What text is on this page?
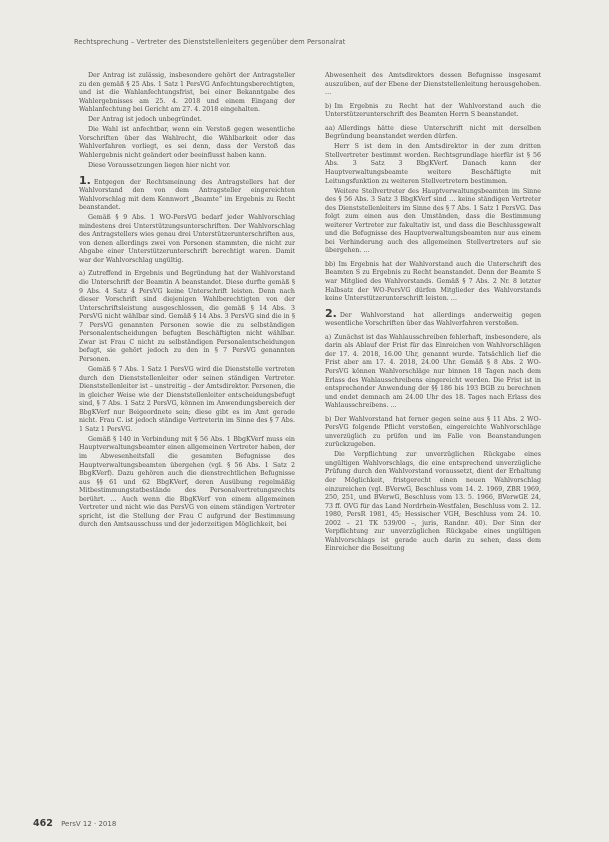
Rechtsprechung – Vertreter des Dienststellenleiters gegenüber dem Personalrat

Der Antrag ist zulässig, insbesondere gehört der Antragsteller zu den gemäß § 25 Abs. 1 Satz 1 PersVG Anfechtungsberechtigten, und ist die Wahlanfechtungsfrist, bei einer Bekanntgabe des Wahlergebnisses am 25. 4. 2018 und einem Eingang der Wahlanfechtung bei Gericht am 27. 4. 2018 eingehalten.

Der Antrag ist jedoch unbegründet.

Die Wahl ist anfechtbar, wenn ein Verstoß gegen wesentliche Vorschriften über das Wahlrecht, die Wählbarkeit oder das Wahlverfahren vorliegt, es sei denn, dass der Verstoß das Wahlergebnis nicht geändert oder beeinflusst haben kann.

Diese Voraussetzungen liegen hier nicht vor.

1. Entgegen der Rechtsmeinung des Antragstellers hat der Wahlvorstand den von dem Antragsteller eingereichten Wahlvorschlag mit dem Kennwort „Beamte“ im Ergebnis zu Recht beanstandet.

Gemäß § 9 Abs. 1 WO-PersVG bedarf jeder Wahlvorschlag mindestens drei Unterstützungsunterschriften. Der Wahlvorschlag des Antragstellers wies genau drei Unterstützerunterschriften aus, von denen allerdings zwei von Personen stammten, die nicht zur Abgabe einer Unterstützerunterschrift berechtigt waren. Damit war der Wahlvorschlag ungültig.

a) Zutreffend in Ergebnis und Begründung hat der Wahlvorstand die Unterschrift der Beamtin A beanstandet. Diese durfte gemäß § 9 Abs. 4 Satz 4 PersVG keine Unterschrift leisten. Denn nach dieser Vorschrift sind diejenigen Wahlberechtigten von der Unterschriftsleistung ausgeschlossen, die gemäß § 14 Abs. 3 PersVG nicht wählbar sind. Gemäß § 14 Abs. 3 PersVG sind die in § 7 PersVG genannten Personen sowie die zu selbständigen Personalentscheidungen befugten Beschäftigten nicht wählbar. Zwar ist Frau C nicht zu selbständigen Personalentscheidungen befugt, sie gehört jedoch zu den in § 7 PersVG genannten Personen.

Gemäß § 7 Abs. 1 Satz 1 PersVG wird die Dienststelle vertreten durch den Dienststellenleiter oder seinen ständigen Vertreter. Dienststellenleiter ist – unstreitig – der Amtsdirektor. Personen, die in gleicher Weise wie der Dienststellenleiter entscheidungsbefugt sind, § 7 Abs. 1 Satz 2 PersVG, können im Anwendungsbereich der BbgKVerf nur Beigeordnete sein; diese gibt es im Amt gerade nicht. Frau C. ist jedoch ständige Vertreterin im Sinne des § 7 Abs. 1 Satz 1 PersVG.

Gemäß § 140 in Verbindung mit § 56 Abs. 1 BbgKVerf muss ein Hauptverwaltungsbeamter einen allgemeinen Vertreter haben, der im Abwesenheitsfall die gesamten Befugnisse des Hauptverwaltungsbeamten übergehen (vgl. § 56 Abs. 1 Satz 2 BbgKVerf). Dazu gehören auch die dienstrechtlichen Befugnisse aus §§ 61 und 62 BbgKVerf, deren Ausübung regelmäßig Mitbestimmungstatbestände des Personalvertretungsrechts berührt. … Auch wenn die BbgKVerf von einem allgemeinen Vertreter und nicht wie das PersVG von einem ständigen Vertreter spricht, ist die Stellung der Frau C aufgrund der Bestimmung durch den Amtsausschuss und der jederzeitigen Möglichkeit, bei

Abwesenheit des Amtsdirektors dessen Befugnisse insgesamt auszuüben, auf der Ebene der Dienststellenleitung herausgehoben. …

b) Im Ergebnis zu Recht hat der Wahlvorstand auch die Unterstützerunterschrift des Beamten Herrn S beanstandet.

aa) Allerdings hätte diese Unterschrift nicht mit derselben Begründung beanstandet werden dürfen.

Herr S ist dem in den Amtsdirektor in der zum dritten Stellvertreter bestimmt worden. Rechtsgrundlage hierfür ist § 56 Abs. 3 Satz 3 BbgKVerf. Danach kann der Hauptverwaltungsbeamte weitere Beschäftigte mit Leitungsfunktion zu weiteren Stellvertretern bestimmen.

Weitere Stellvertreter des Hauptverwaltungsbeamten im Sinne des § 56 Abs. 3 Satz 3 BbgKVerf sind … keine ständigen Vertreter des Dienststellenleiters im Sinne des § 7 Abs. 1 Satz 1 PersVG. Das folgt zum einen aus den Umständen, dass die Bestimmung weiterer Vertreter zur fakultativ ist, und dass die Beschlussgewalt und die Befugnisse des Hauptverwaltungsbeamten nur aus einem bei Verhinderung auch des allgemeinen Stellvertreters auf sie übergehen. …

bb) Im Ergebnis hat der Wahlvorstand auch die Unterschrift des Beamten S zu Ergebnis zu Recht beanstandet. Denn der Beamte S war Mitglied des Wahlvorstands. Gemäß § 7 Abs. 2 Nr. 8 letzter Halbsatz der WO-PersVG dürfen Mitglieder des Wahlvorstands keine Unterstützerunterschrift leisten. …

2. Der Wahlvorstand hat allerdings anderweitig gegen wesentliche Vorschriften über das Wahlverfahren verstoßen.

a) Zunächst ist das Wahlausschreiben fehlerhaft, insbesondere, als darin als Ablauf der Frist für das Einreichen von Wahlvorschlägen der 17. 4. 2018, 16.00 Uhr, genannt wurde. Tatsächlich lief die Frist aber am 17. 4. 2018, 24.00 Uhr. Gemäß § 8 Abs. 2 WO-PersVG können Wahlvorschläge nur binnen 18 Tagen nach dem Erlass des Wahlausschreibens eingereicht werden. Die Frist ist in entsprechender Anwendung der §§ 186 bis 193 BGB zu berechnen und endet demnach am 24.00 Uhr des 18. Tages nach Erlass des Wahlausschreibens. …

b) Der Wahlvorstand hat ferner gegen seine aus § 11 Abs. 2 WO-PersVG folgende Pflicht verstoßen, eingereichte Wahlvorschläge unverzüglich zu prüfen und im Falle von Beanstandungen zurückzugeben.

Die Verpflichtung zur unverzüglichen Rückgabe eines ungültigen Wahlvorschlags, die eine entsprechend unverzügliche Prüfung durch den Wahlvorstand voraussetzt, dient der Erhaltung der Möglichkeit, fristgerecht einen neuen Wahlvorschlag einzureichen (vgl. BVerwG, Beschluss vom 14. 2. 1969, ZBR 1969, 250, 251, und BVerwG, Beschluss vom 13. 5. 1966, BVerwGE 24, 73 ff. OVG für das Land Nordrhein-Westfalen, Beschluss vom 2. 12. 1980, PersR 1981, 45; Hessischer VGH, Beschluss vom 24. 10. 2002 – 21 TK 539/00 –, juris, Randnr. 40). Der Sinn der Verpflichtung zur unverzüglichen Rückgabe eines ungültigen Wahlvorschlags ist gerade auch darin zu sehen, dass dem Einreicher die Beseitung

462 PersV 12 · 2018
